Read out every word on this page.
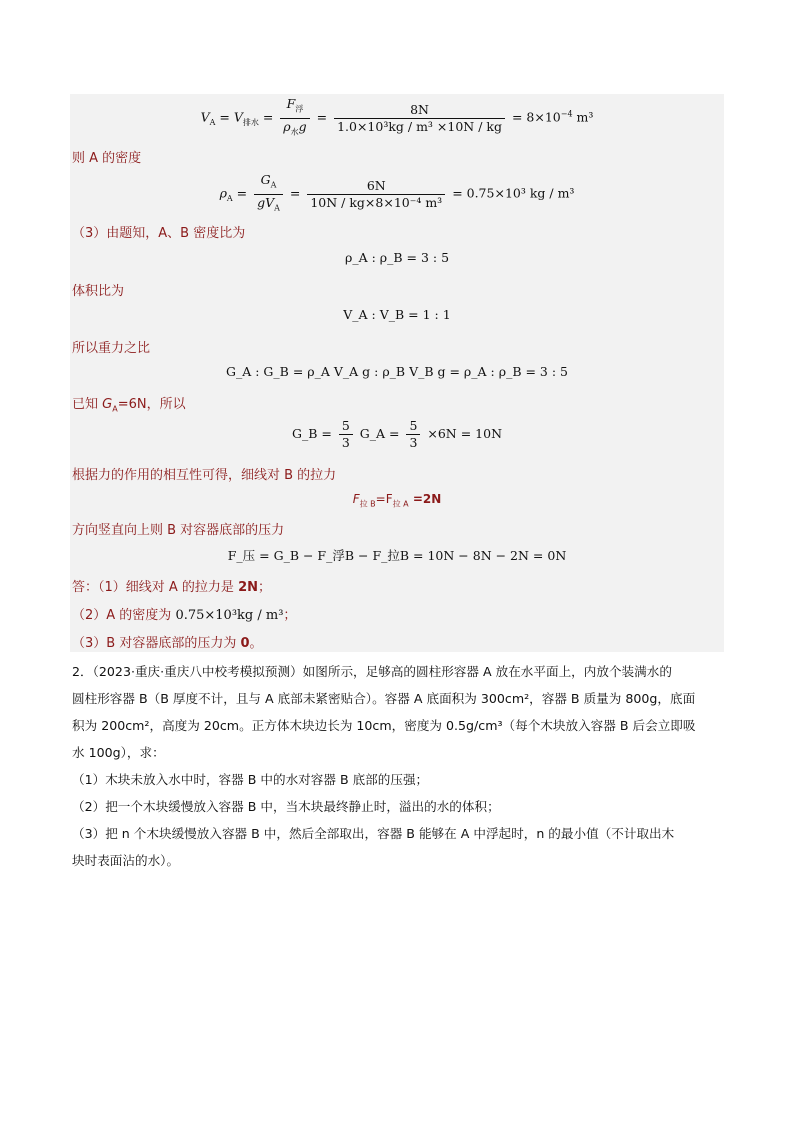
$V_A = V_{排水} = \frac{F_浮}{\rho_水g} = \frac{8N}{\text{1.0×10³kg / m³ ×10N / kg}} = 8\times 10^{-4}$ m³
则 A 的密度
$\rho_A = \frac{G_A}{gV_A} = \frac{6N}{\text{10N / kg×8×10⁻⁴ m³}} = 0.75\times 10^3$ kg / m³
（3）由题知，A、B 密度比为
ρ_A : ρ_B = 3 : 5
体积比为
V_A : V_B = 1 : 1
所以重力之比
G_A : G_B = ρ_A V_A g : ρ_B V_B g = ρ_A : ρ_B = 3 : 5
已知 $G_A=6N$，所以
G_B = $\frac{5}{3}$ G_A = $\frac{5}{3} \times 6N = 10N$
根据力的作用的相互性可得，细线对 B 的拉力
$F_{拉 B}=F_{拉 A} =2N$
方向竖直向上则 B 对容器底部的压力
F_压 = G_B − F_浮B − F_拉B = 10N − 8N − 2N = 0N
答：（1）细线对 A 的拉力是 2N；
（2）A 的密度为 0.75×10³kg / m³；
（3）B 对容器底部的压力为 0。
2．（2023·重庆·重庆八中校考模拟预测）如图所示，足够高的圆柱形容器 A 放在水平面上，内放个装满水的
圆柱形容器 B（B 厚度不计，且与 A 底部未紧密贴合）。容器 A 底面积为 300cm²，容器 B 质量为 800g，底面
积为 200cm²，高度为 20cm。正方体木块边长为 10cm，密度为 0.5g/cm³（每个木块放入容器 B 后会立即吸
水 100g），求：
（1）木块未放入水中时，容器 B 中的水对容器 B 底部的压强；
（2）把一个木块缓慢放入容器 B 中，当木块最终静止时，溢出的水的体积；
（3）把 n 个木块缓慢放入容器 B 中，然后全部取出，容器 B 能够在 A 中浮起时，n 的最小值（不计取出木
块时表面沾的水）。
